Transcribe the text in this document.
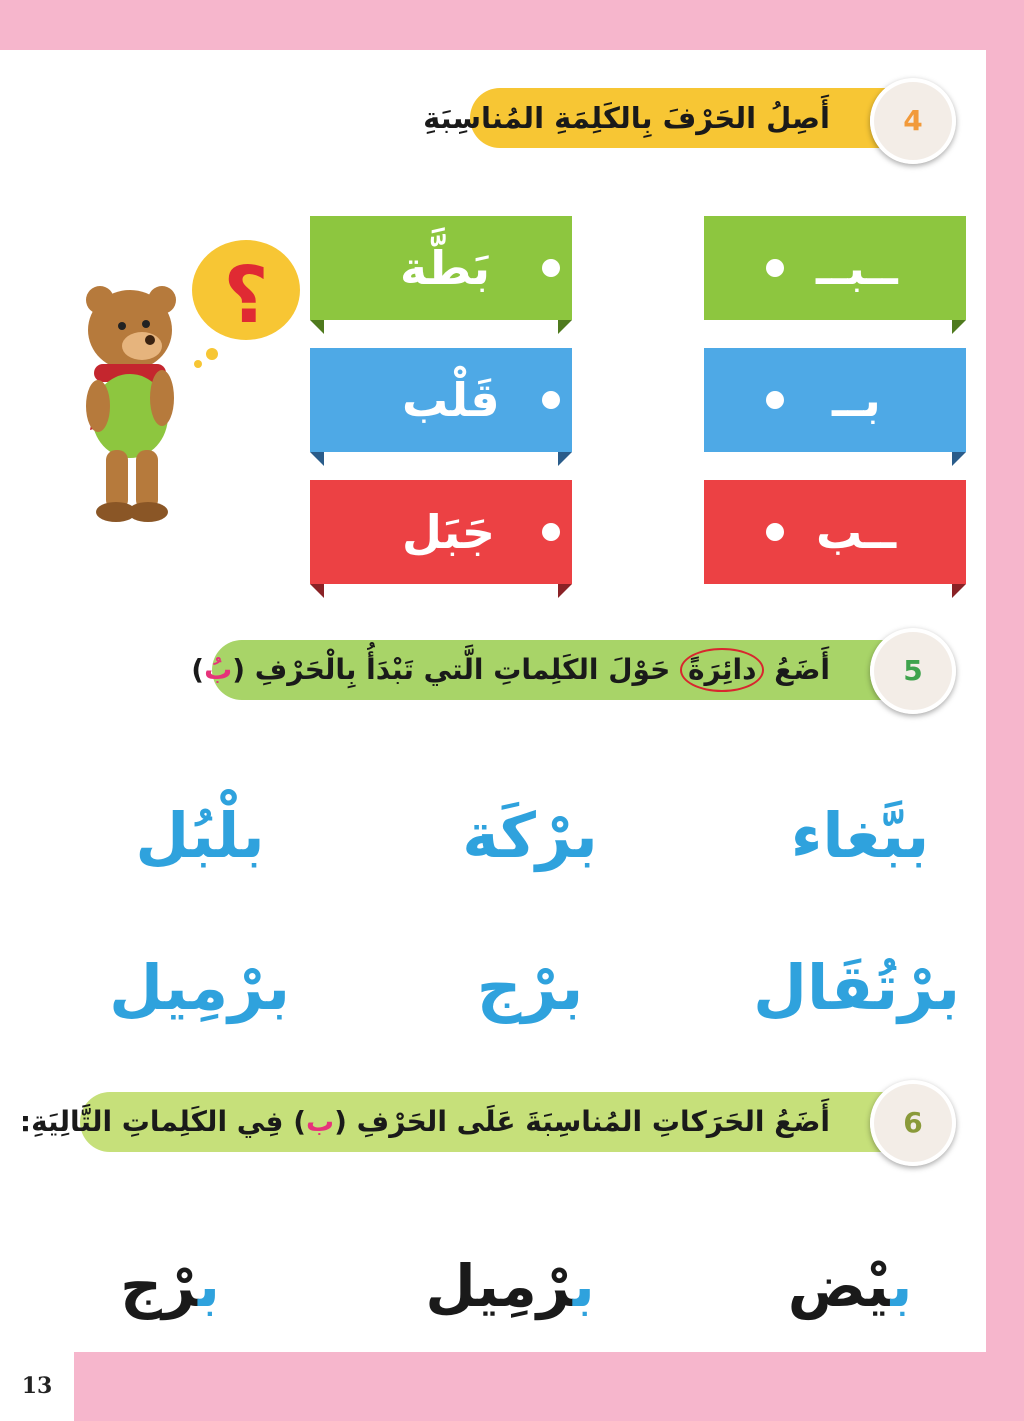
13
أَصِلُ الحَرْفَ بِالكَلِمَةِ المُناسِبَةِ	4
؟	بَطَّة
قَلْب
جَبَل
ــبــ
بــ
ــب
أَضَعُ دائِرَةً حَوْلَ الكَلِماتِ الَّتي تَبْدَأُ بِالْحَرْفِ (بُ)	5
ببَّغاء
برْكَة
بلْبُل
برْتُقَال
برْج
برْمِيل
أَضَعُ الحَرَكاتِ المُناسِبَةَ عَلَى الحَرْفِ (ب) فِي الكَلِماتِ التَّالِيَةِ:	6
بيْض
برْمِيل
برْج
